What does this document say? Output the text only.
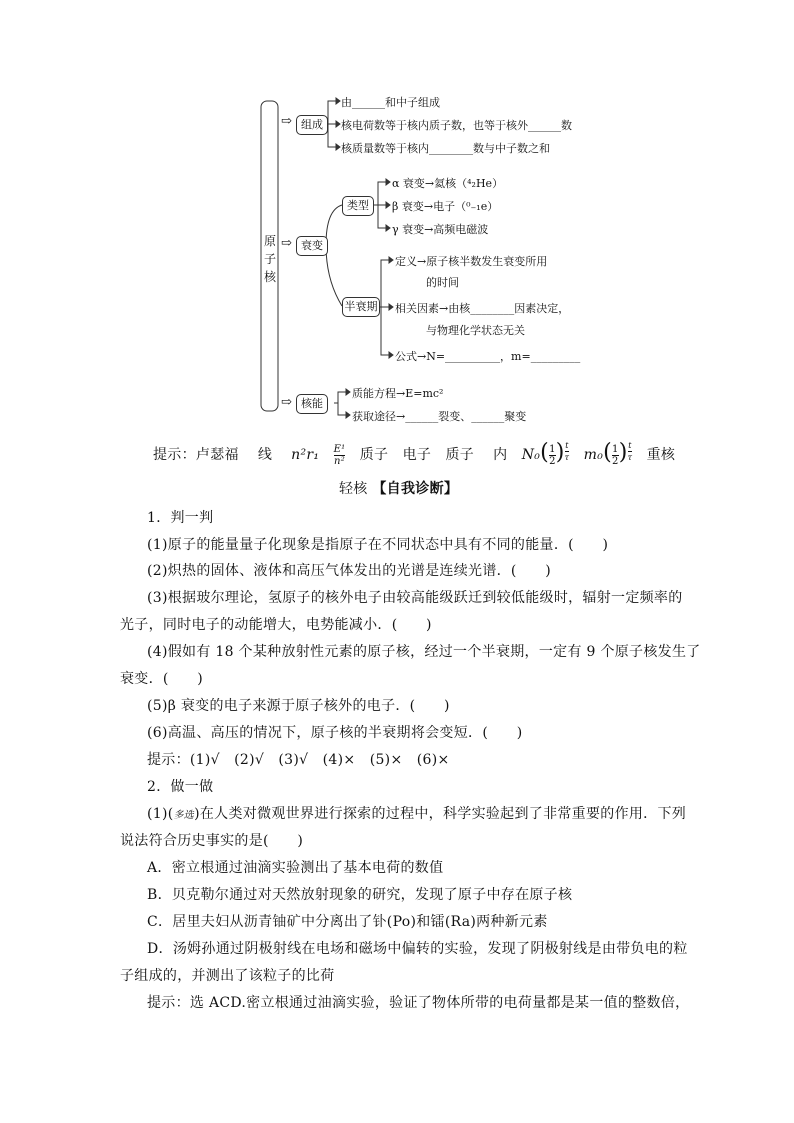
原子核
⇨
⇨
⇨
组成
衰变
类型
半衰期
核能
由______和中子组成
核电荷数等于核内质子数，也等于核外______数
核质量数等于核内________数与中子数之和
α 衰变→氦核（⁴₂He）
β 衰变→电子（⁰₋₁e）
γ 衰变→高频电磁波
定义→原子核半数发生衰变所用
的时间
相关因素→由核________因素决定，
与物理化学状态无关
公式→N=__________，m=_________
质能方程→E=mc²
获取途径→______裂变、______聚变
提示：卢瑟福 线 $n^2r_1 \frac{\text{E¹}}{\text{n²}}$ 质子 电子 质子 内 $N_0( \frac{1}{2}$ ) $\frac{t}{\tau} m_0( \frac{1}{2}$ ) $\frac{t}{\tau}$ 重核
轻核 【自我诊断】
1．判一判
(1)原子的能量量子化现象是指原子在不同状态中具有不同的能量．(　　)
(2)炽热的固体、液体和高压气体发出的光谱是连续光谱．(　　)
(3)根据玻尔理论，氢原子的核外电子由较高能级跃迁到较低能级时，辐射一定频率的
光子，同时电子的动能增大，电势能减小．(　　)
(4)假如有 18 个某种放射性元素的原子核，经过一个半衰期，一定有 9 个原子核发生了
衰变．(　　)
(5)β 衰变的电子来源于原子核外的电子．(　　)
(6)高温、高压的情况下，原子核的半衰期将会变短．(　　)
提示：(1)√　(2)√　(3)√　(4)×　(5)×　(6)×
2．做一做
(1)(多选)在人类对微观世界进行探索的过程中，科学实验起到了非常重要的作用．下列
说法符合历史事实的是(　　)
A．密立根通过油滴实验测出了基本电荷的数值
B．贝克勒尔通过对天然放射现象的研究，发现了原子中存在原子核
C．居里夫妇从沥青铀矿中分离出了钋(Po)和镭(Ra)两种新元素
D．汤姆孙通过阴极射线在电场和磁场中偏转的实验，发现了阴极射线是由带负电的粒
子组成的，并测出了该粒子的比荷
提示：选 ACD.密立根通过油滴实验，验证了物体所带的电荷量都是某一值的整数倍，
